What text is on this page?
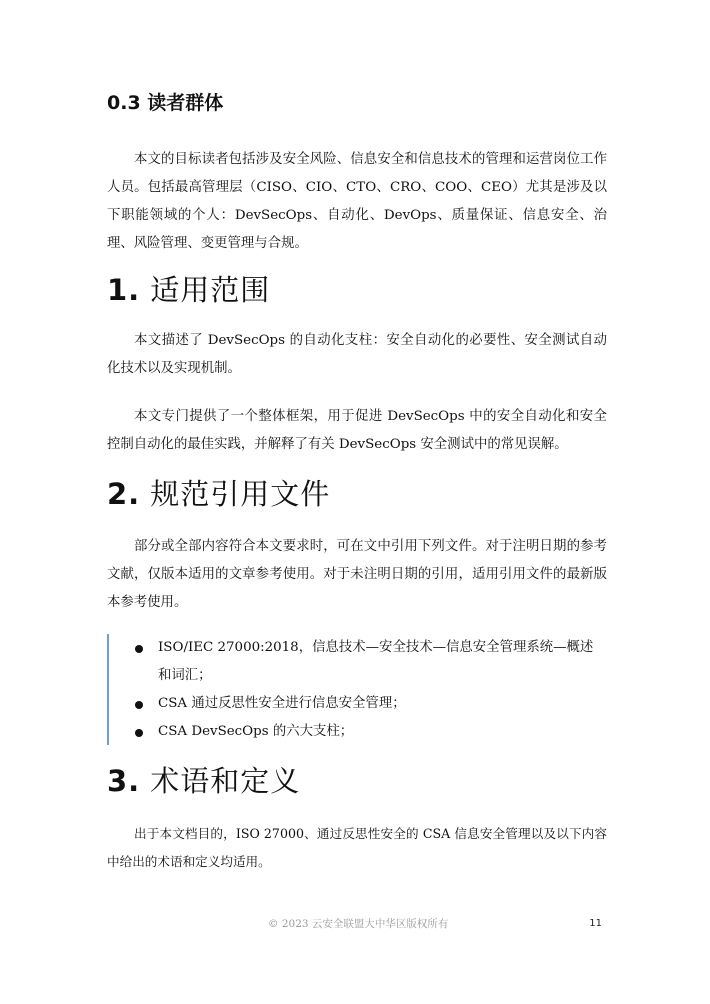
0.3 读者群体

本文的目标读者包括涉及安全风险、信息安全和信息技术的管理和运营岗位工作人员。包括最高管理层（CISO、CIO、CTO、CRO、COO、CEO）尤其是涉及以下职能领域的个人：DevSecOps、自动化、DevOps、质量保证、信息安全、治理、风险管理、变更管理与合规。

1. 适用范围

本文描述了 DevSecOps 的自动化支柱：安全自动化的必要性、安全测试自动化技术以及实现机制。

本文专门提供了一个整体框架，用于促进 DevSecOps 中的安全自动化和安全控制自动化的最佳实践，并解释了有关 DevSecOps 安全测试中的常见误解。

2. 规范引用文件

部分或全部内容符合本文要求时，可在文中引用下列文件。对于注明日期的参考文献，仅版本适用的文章参考使用。对于未注明日期的引用，适用引用文件的最新版本参考使用。

ISO/IEC 27000:2018，信息技术—安全技术—信息安全管理系统—概述和词汇；
CSA 通过反思性安全进行信息安全管理；
CSA DevSecOps 的六大支柱；
3. 术语和定义

出于本文档目的，ISO 27000、通过反思性安全的 CSA 信息安全管理以及以下内容中给出的术语和定义均适用。

© 2023 云安全联盟大中华区版权所有	11
